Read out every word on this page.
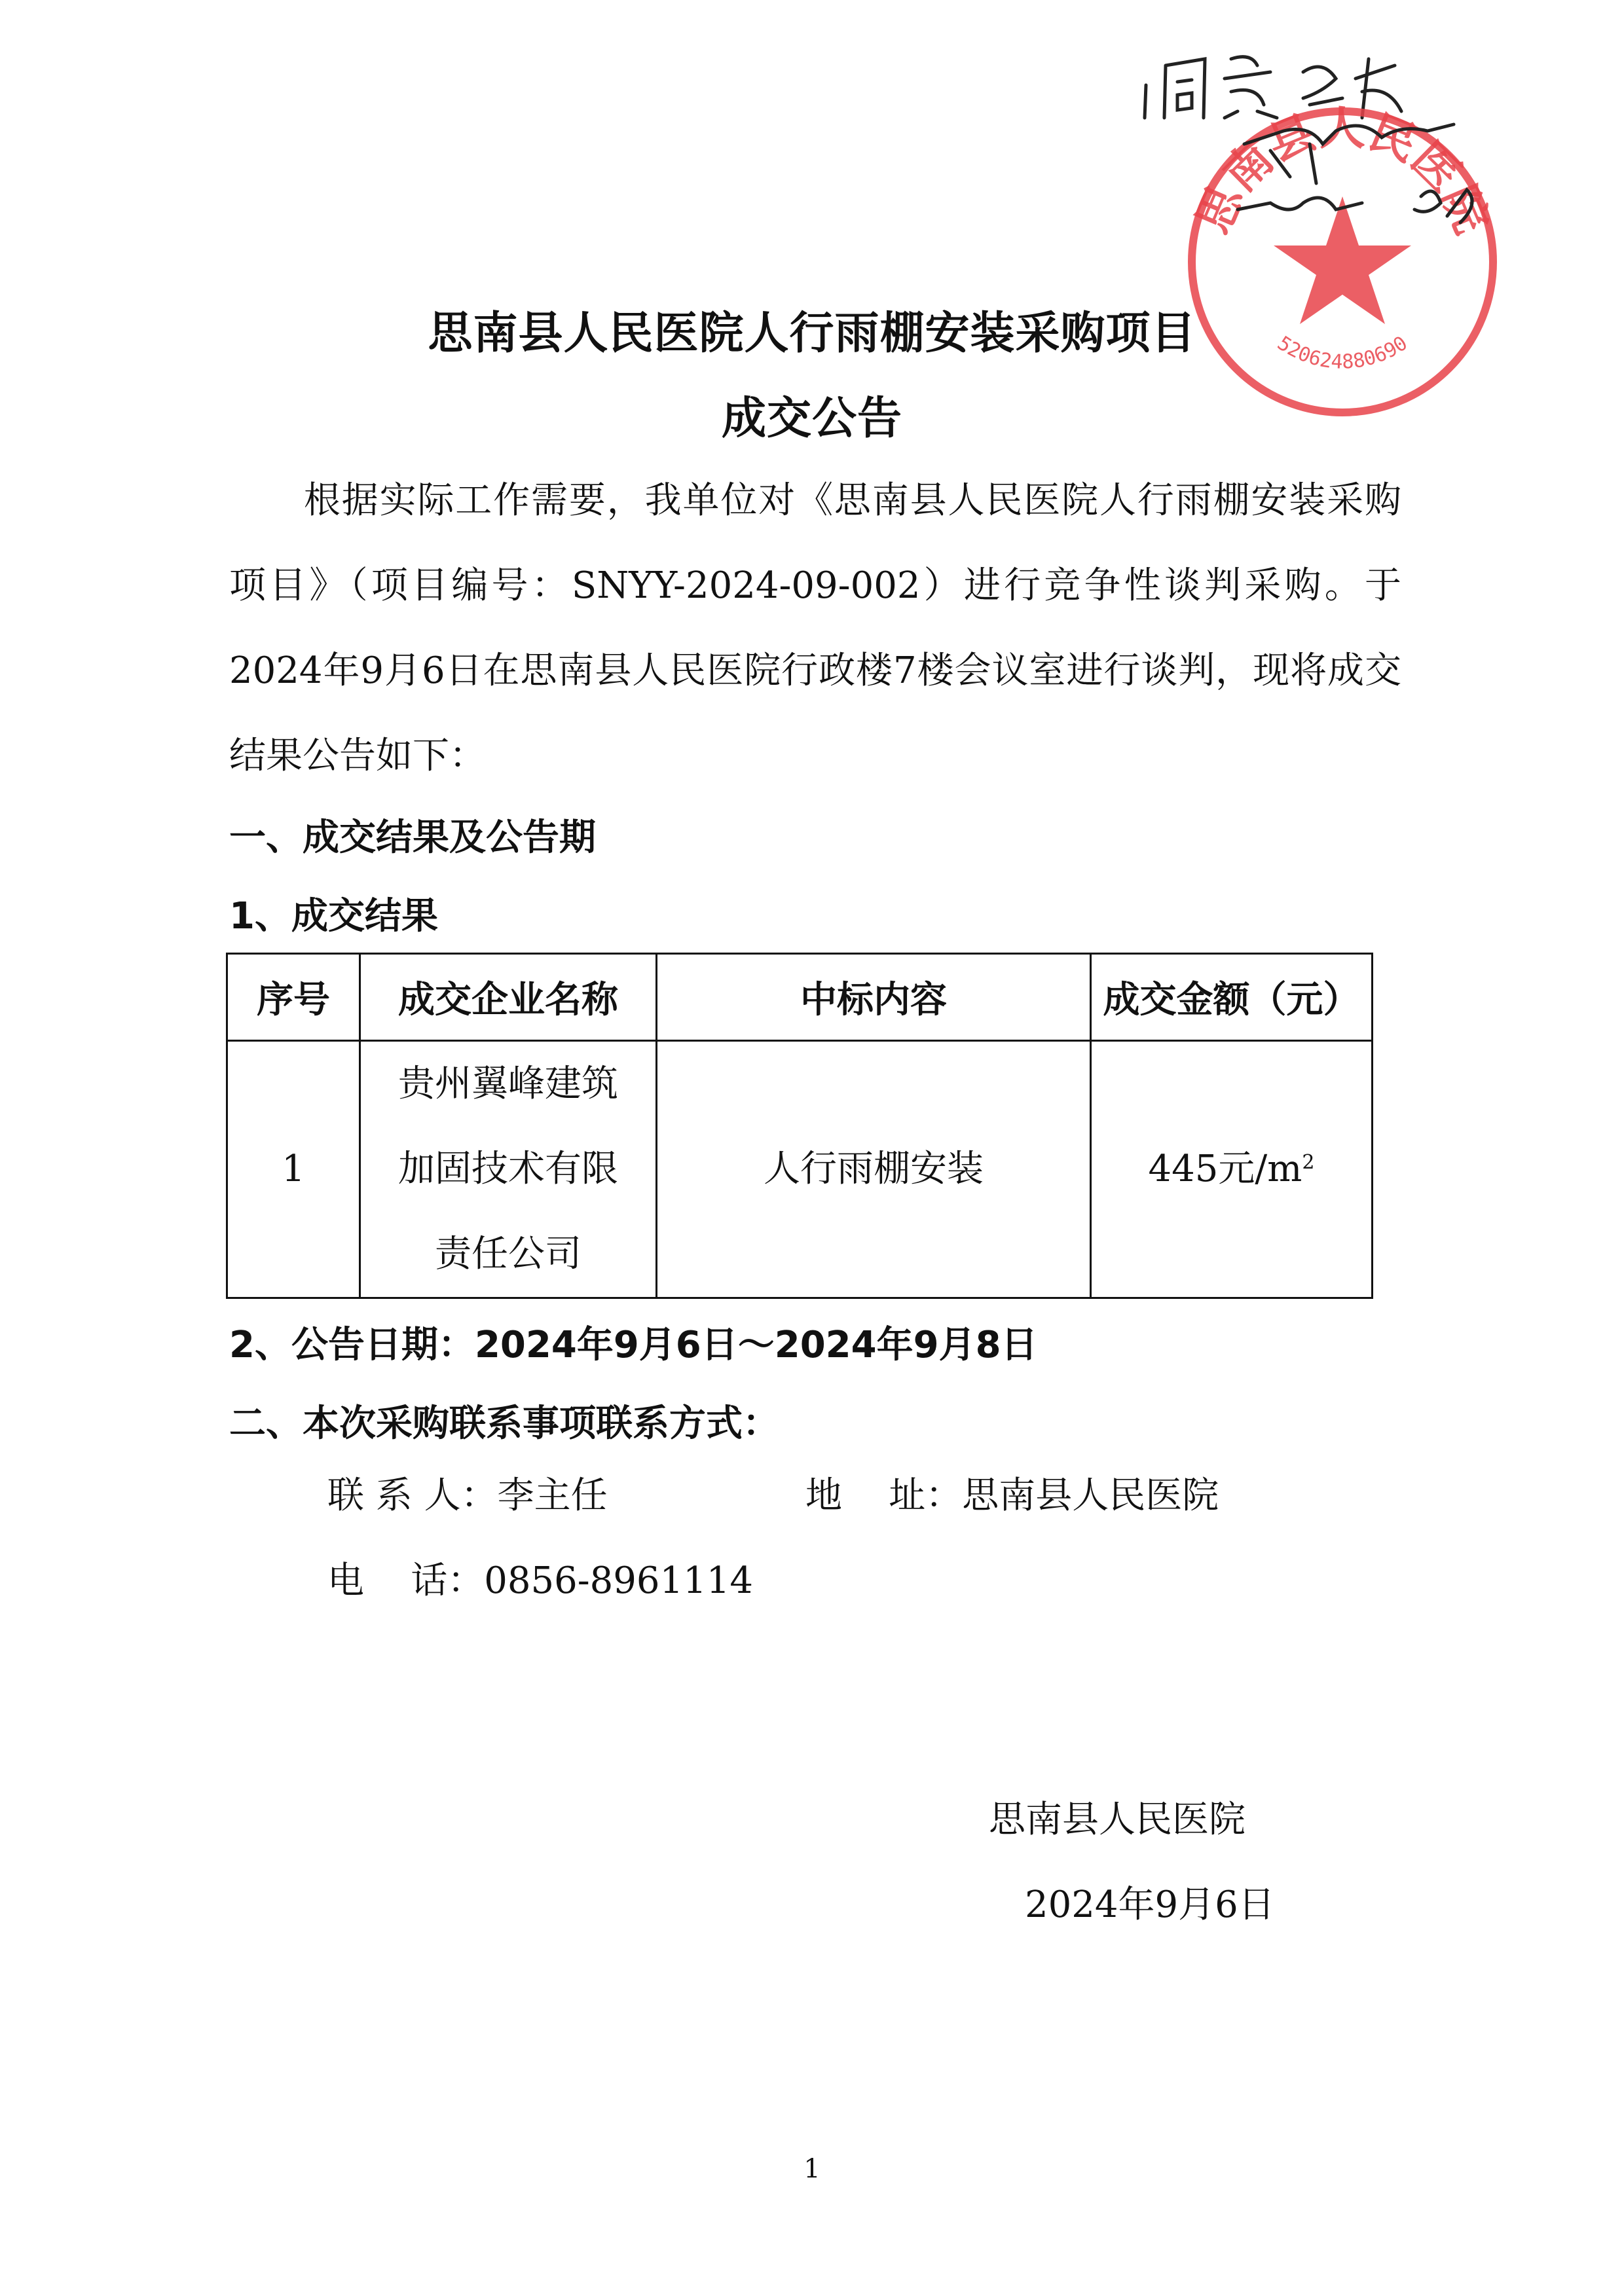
思南县人民医院
520624880690
思南县人民医院人行雨棚安装采购项目
成交公告
根据实际工作需要，我单位对《思南县人民医院人行雨棚安装采购项目》（项目编号：SNYY-2024-09-002）进行竞争性谈判采购。于2024年9月6日在思南县人民医院行政楼7楼会议室进行谈判，现将成交结果公告如下：
一、成交结果及公告期
1、成交结果
序号	成交企业名称	中标内容	成交金额（元）
1	贵州翼峰建筑加固技术有限责任公司	人行雨棚安装	445元$/m^2$
2、公告日期：2024年9月6日～2024年9月8日
二、本次采购联系事项联系方式：
联 系 人：李主任	地    址：思南县人民医院
电    话：0856-8961114
思南县人民医院
2024年9月6日
1
